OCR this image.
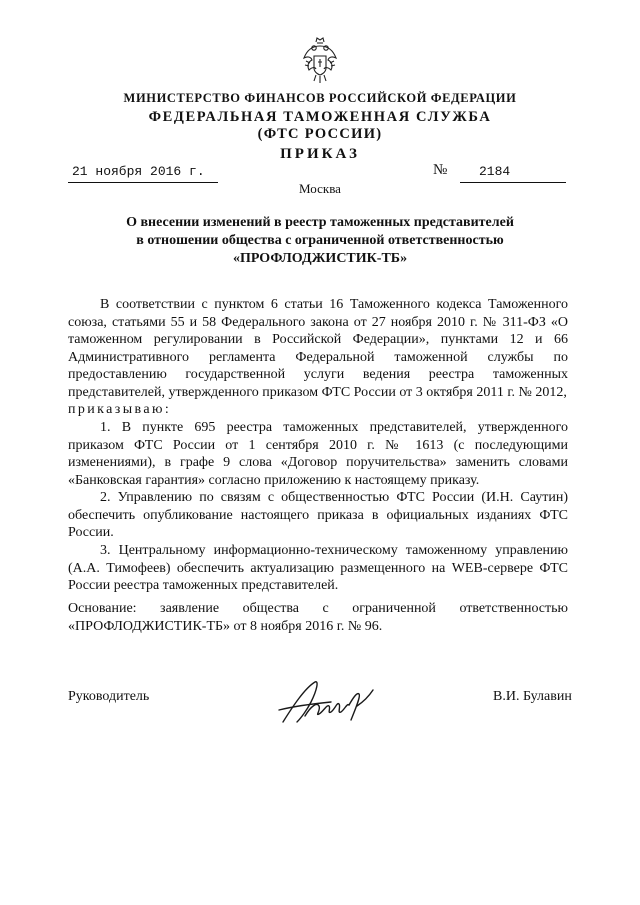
МИНИСТЕРСТВО ФИНАНСОВ РОССИЙСКОЙ ФЕДЕРАЦИИ
ФЕДЕРАЛЬНАЯ ТАМОЖЕННАЯ СЛУЖБА
(ФТС РОССИИ)
ПРИКАЗ
21 ноября 2016 г.	№ 2184
Москва
О внесении изменений в реестр таможенных представителей
в отношении общества с ограниченной ответственностью
«ПРОФЛОДЖИСТИК-ТБ»
В соответствии с пунктом 6 статьи 16 Таможенного кодекса Таможенного союза, статьями 55 и 58 Федерального закона от 27 ноября 2010 г. № 311-ФЗ «О таможенном регулировании в Российской Федерации», пунктами 12 и 66 Административного регламента Федеральной таможенной службы по предоставлению государственной услуги ведения реестра таможенных представителей, утвержденного приказом ФТС России от 3 октября 2011 г. № 2012,
приказываю:
1. В пункте 695 реестра таможенных представителей, утвержденного приказом ФТС России от 1 сентября 2010 г. № 1613 (с последующими изменениями), в графе 9 слова «Договор поручительства» заменить словами «Банковская гарантия» согласно приложению к настоящему приказу.
2. Управлению по связям с общественностью ФТС России (И.Н. Саутин) обеспечить опубликование настоящего приказа в официальных изданиях ФТС России.
3. Центральному информационно-техническому таможенному управлению (А.А. Тимофеев) обеспечить актуализацию размещенного на WEB-сервере ФТС России реестра таможенных представителей.
Основание: заявление общества с ограниченной ответственностью «ПРОФЛОДЖИСТИК-ТБ» от 8 ноября 2016 г. № 96.
Руководитель	В.И. Булавин
